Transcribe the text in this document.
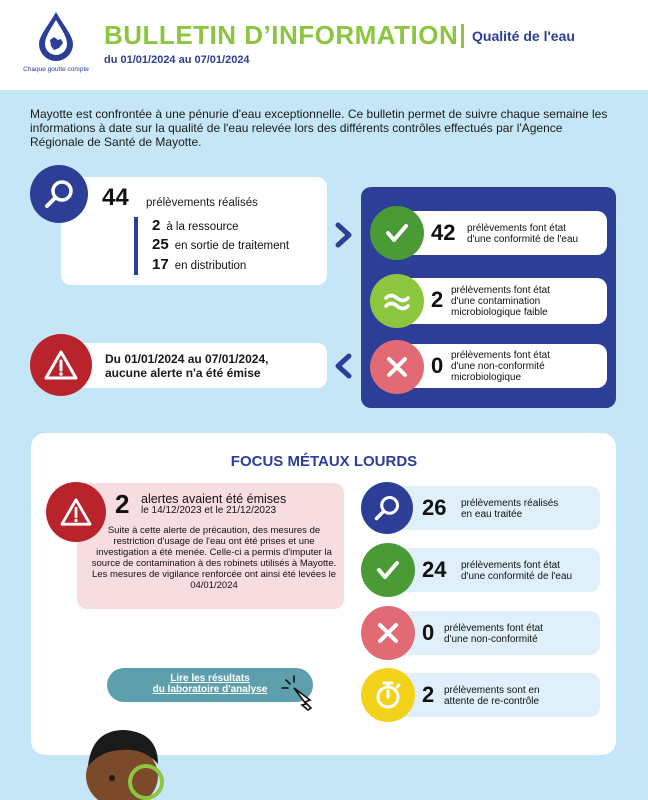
Chaque goutte compte
BULLETIN D’INFORMATION Qualité de l'eau
du 01/01/2024 au 07/01/2024
Mayotte est confrontée à une pénurie d'eau exceptionnelle. Ce bulletin permet de suivre chaque semaine les informations à date sur la qualité de l'eau relevée lors des différents contrôles effectués par l'Agence Régionale de Santé de Mayotte.
44 prélèvements réalisés
2 à la ressource
25 en sortie de traitement
17 en distribution
Du 01/01/2024 au 07/01/2024,
aucune alerte n'a été émise
42 prélèvements font état
d'une conformité de l'eau
2 prélèvements font état
d'une contamination
microbiologique faible
0 prélèvements font état
d'une non-conformité
microbiologique
FOCUS MÉTAUX LOURDS
2 alertes avaient été émises
le 14/12/2023 et le 21/12/2023
Suite à cette alerte de précaution, des mesures de restriction d'usage de l'eau ont été prises et une investigation a été menée. Celle-ci a permis d'imputer la source de contamination à des robinets utilisés à Mayotte. Les mesures de vigilance renforcée ont ainsi été levées le 04/01/2024
26 prélèvements réalisés
en eau traitée
24 prélèvements font état
d'une conformité de l'eau
0 prélèvements font état
d'une non-conformité
2 prélèvements sont en
attente de re-contrôle
Lire les résultats
du laboratoire d'analyse
